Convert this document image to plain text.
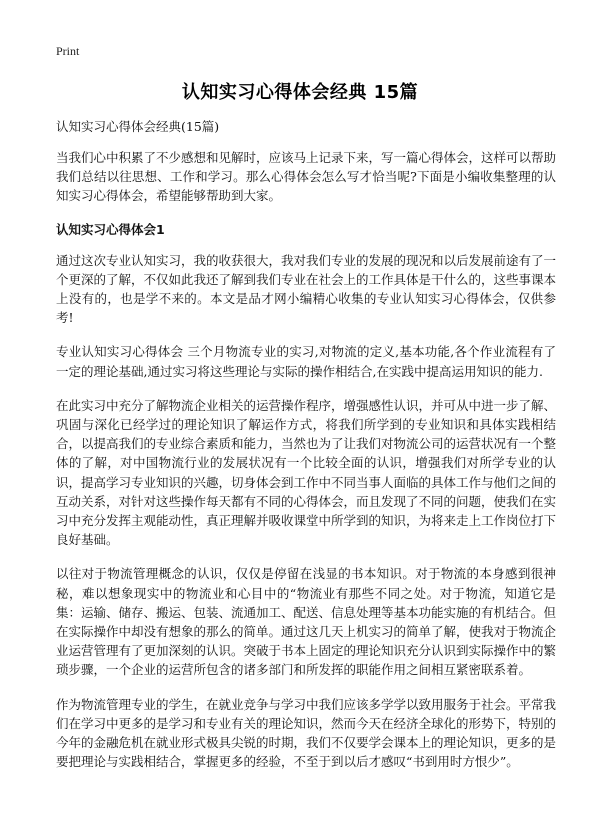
Print
认知实习心得体会经典 15篇

认知实习心得体会经典(15篇)

当我们心中积累了不少感想和见解时，应该马上记录下来，写一篇心得体会，这样可以帮助我们总结以往思想、工作和学习。那么心得体会怎么写才恰当呢?下面是小编收集整理的认知实习心得体会，希望能够帮助到大家。

认知实习心得体会1

通过这次专业认知实习，我的收获很大，我对我们专业的发展的现况和以后发展前途有了一个更深的了解，不仅如此我还了解到我们专业在社会上的工作具体是干什么的，这些事课本上没有的，也是学不来的。本文是品才网小编精心收集的专业认知实习心得体会，仅供参考!

专业认知实习心得体会 三个月物流专业的实习,对物流的定义,基本功能,各个作业流程有了一定的理论基础,通过实习将这些理论与实际的操作相结合,在实践中提高运用知识的能力.

在此实习中充分了解物流企业相关的运营操作程序，增强感性认识，并可从中进一步了解、巩固与深化已经学过的理论知识了解运作方式，将我们所学到的专业知识和具体实践相结合，以提高我们的专业综合素质和能力，当然也为了让我们对物流公司的运营状况有一个整体的了解，对中国物流行业的发展状况有一个比较全面的认识，增强我们对所学专业的认识，提高学习专业知识的兴趣，切身体会到工作中不同当事人面临的具体工作与他们之间的互动关系，对针对这些操作每天都有不同的心得体会，而且发现了不同的问题，使我们在实习中充分发挥主观能动性，真正理解并吸收课堂中所学到的知识，为将来走上工作岗位打下良好基础。

以往对于物流管理概念的认识，仅仅是停留在浅显的书本知识。对于物流的本身感到很神秘，难以想象现实中的物流业和心目中的“物流业有那些不同之处。对于物流，知道它是集：运输、储存、搬运、包装、流通加工、配送、信息处理等基本功能实施的有机结合。但在实际操作中却没有想象的那么的简单。通过这几天上机实习的简单了解，使我对于物流企业运营管理有了更加深刻的认识。突破于书本上固定的理论知识充分认识到实际操作中的繁琐步骤，一个企业的运营所包含的诸多部门和所发挥的职能作用之间相互紧密联系着。

作为物流管理专业的学生，在就业竞争与学习中我们应该多学学以致用服务于社会。平常我们在学习中更多的是学习和专业有关的理论知识，然而今天在经济全球化的形势下，特别的今年的金融危机在就业形式极具尖锐的时期，我们不仅要学会课本上的理论知识，更多的是要把理论与实践相结合，掌握更多的经验，不至于到以后才感叹“书到用时方恨少”。
